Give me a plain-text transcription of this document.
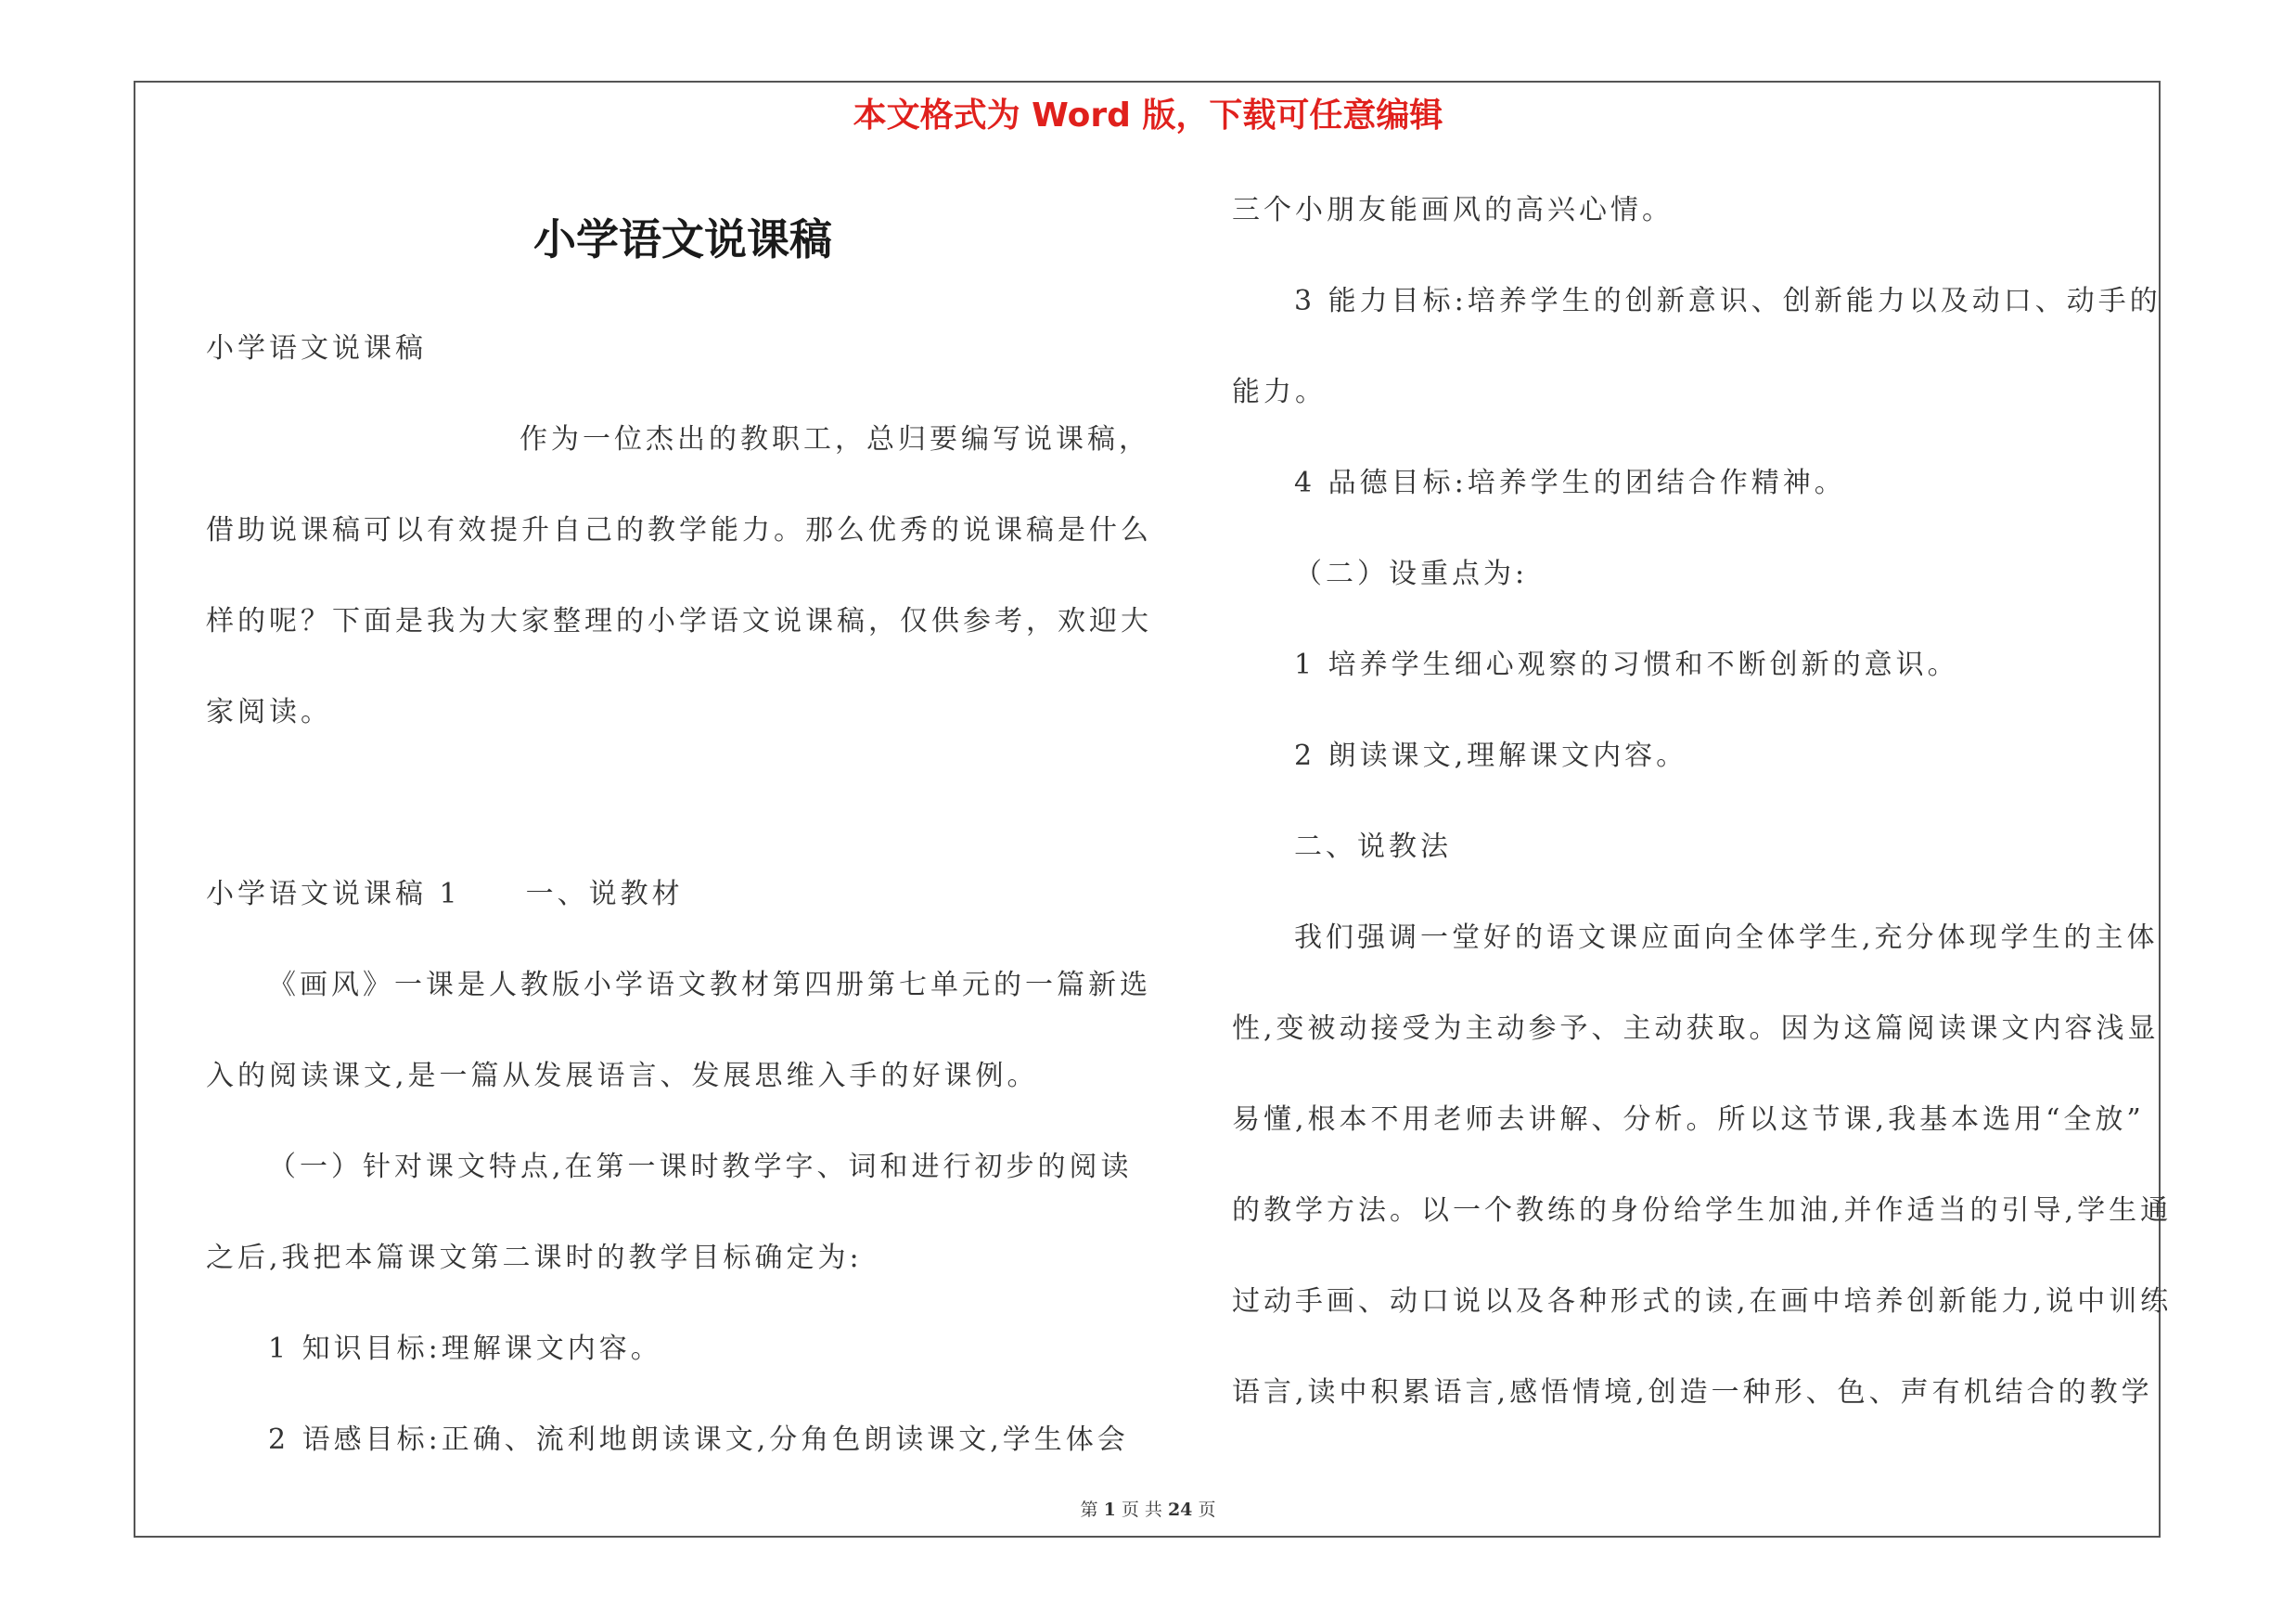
本文格式为 Word 版，下载可任意编辑
小学语文说课稿

小学语文说课稿

作为一位杰出的教职工，总归要编写说课稿，

借助说课稿可以有效提升自己的教学能力。那么优秀的说课稿是什么

样的呢？下面是我为大家整理的小学语文说课稿，仅供参考，欢迎大

家阅读。

小学语文说课稿 1 一、说教材

《画风》一课是人教版小学语文教材第四册第七单元的一篇新选

入的阅读课文,是一篇从发展语言、发展思维入手的好课例。

（一）针对课文特点,在第一课时教学字、词和进行初步的阅读

之后,我把本篇课文第二课时的教学目标确定为:

1 知识目标:理解课文内容。

2 语感目标:正确、流利地朗读课文,分角色朗读课文,学生体会

三个小朋友能画风的高兴心情。

3 能力目标:培养学生的创新意识、创新能力以及动口、动手的

能力。

4 品德目标:培养学生的团结合作精神。

（二）设重点为:

1 培养学生细心观察的习惯和不断创新的意识。

2 朗读课文,理解课文内容。

二、说教法

我们强调一堂好的语文课应面向全体学生,充分体现学生的主体

性,变被动接受为主动参予、主动获取。因为这篇阅读课文内容浅显

易懂,根本不用老师去讲解、分析。所以这节课,我基本选用“全放”

的教学方法。以一个教练的身份给学生加油,并作适当的引导,学生通

过动手画、动口说以及各种形式的读,在画中培养创新能力,说中训练

语言,读中积累语言,感悟情境,创造一种形、色、声有机结合的教学

第 1 页 共 24 页
